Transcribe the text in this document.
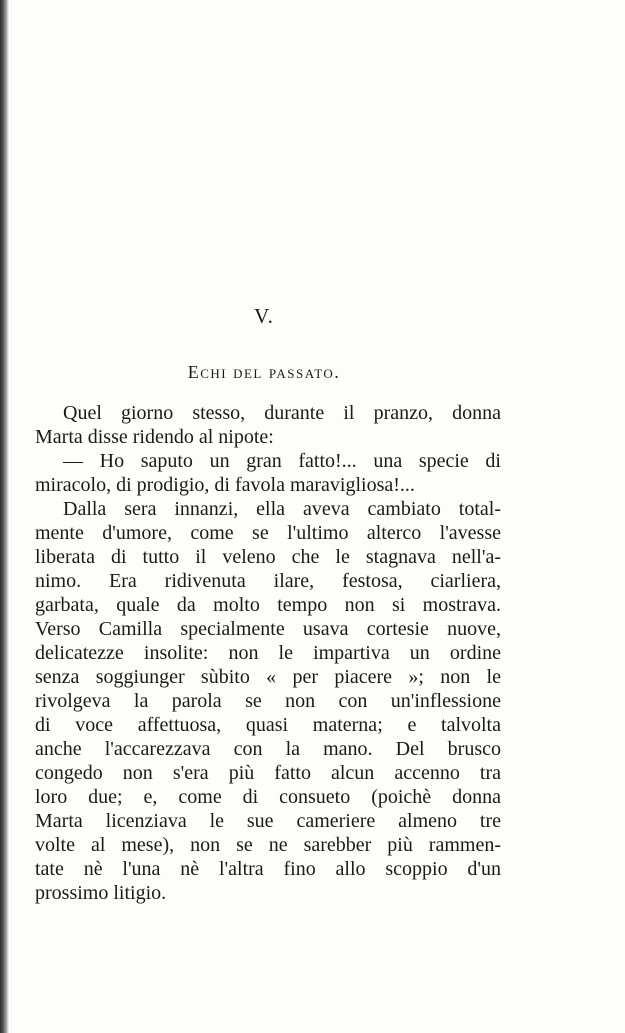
V.
Echi del passato.
Quel giorno stesso, durante il pranzo, donna
Marta disse ridendo al nipote:
— Ho saputo un gran fatto!... una specie di
miracolo, di prodigio, di favola maravigliosa!...
Dalla sera innanzi, ella aveva cambiato total-
mente d'umore, come se l'ultimo alterco l'avesse
liberata di tutto il veleno che le stagnava nell'a-
nimo. Era ridivenuta ilare, festosa, ciarliera,
garbata, quale da molto tempo non si mostrava.
Verso Camilla specialmente usava cortesie nuove,
delicatezze insolite: non le impartiva un ordine
senza soggiunger sùbito « per piacere »; non le
rivolgeva la parola se non con un'inflessione
di voce affettuosa, quasi materna; e talvolta
anche l'accarezzava con la mano. Del brusco
congedo non s'era più fatto alcun accenno tra
loro due; e, come di consueto (poichè donna
Marta licenziava le sue cameriere almeno tre
volte al mese), non se ne sarebber più rammen-
tate nè l'una nè l'altra fino allo scoppio d'un
prossimo litigio.
